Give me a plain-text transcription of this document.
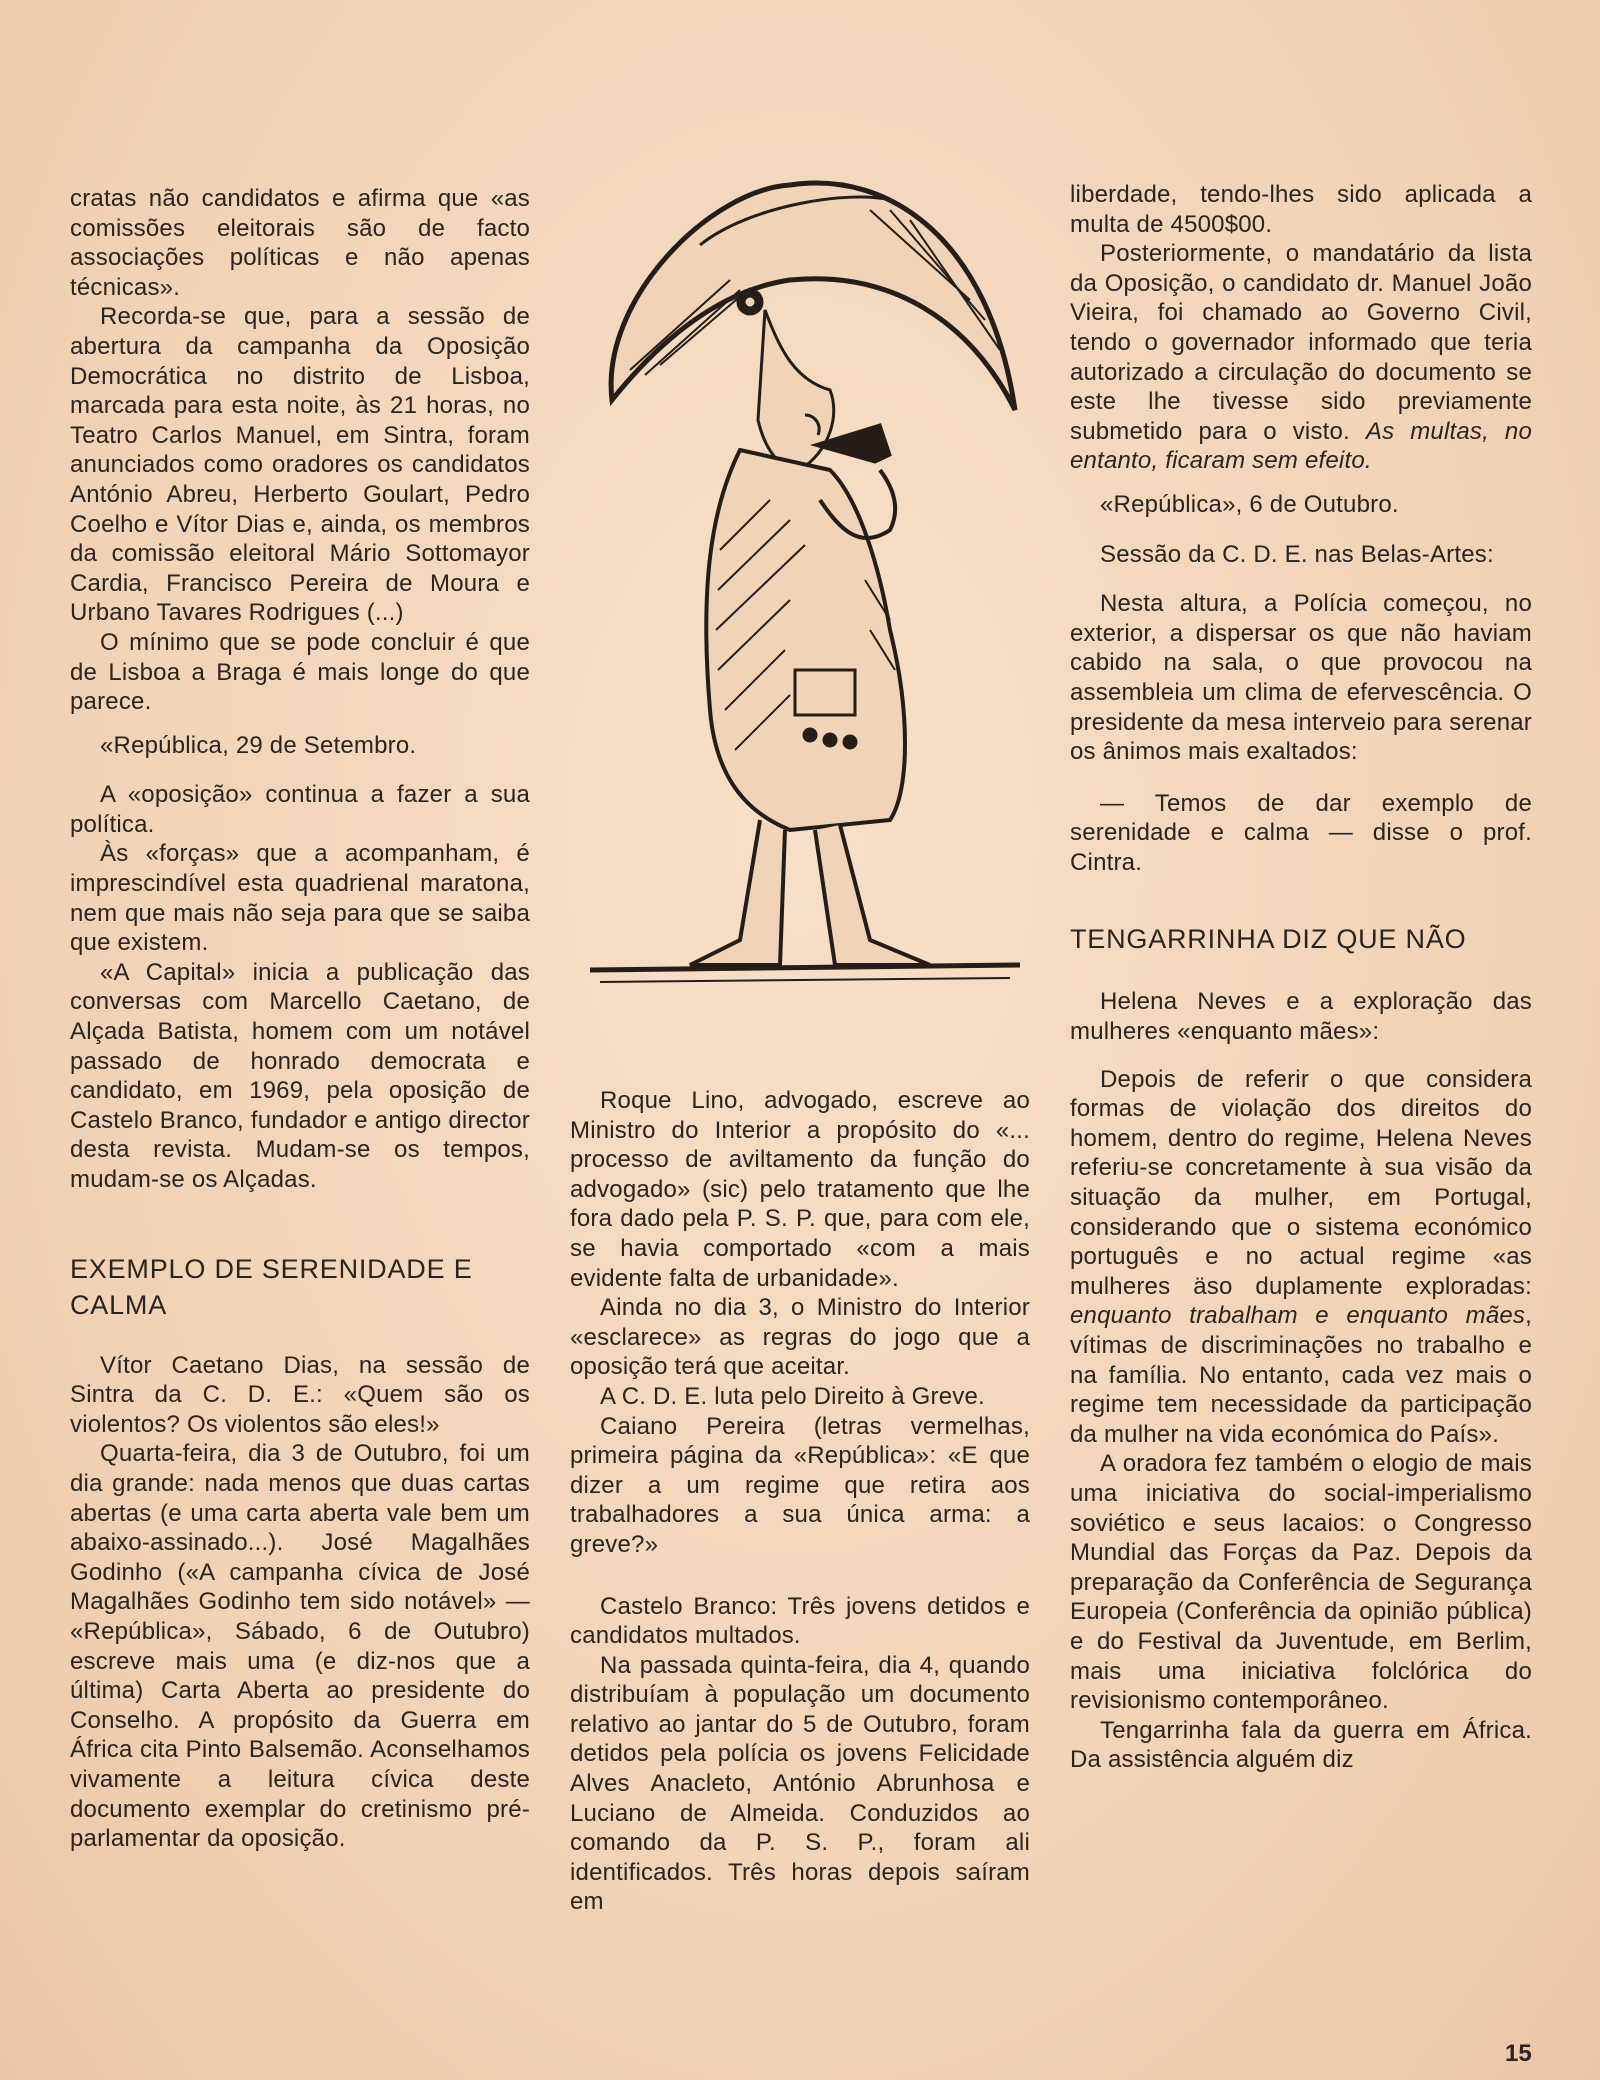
cratas não candidatos e afirma que «as comissões eleitorais são de facto associações políticas e não apenas técnicas».

Recorda-se que, para a sessão de abertura da campanha da Oposição Democrática no distrito de Lisboa, marcada para esta noite, às 21 horas, no Teatro Carlos Manuel, em Sintra, foram anunciados como oradores os candidatos António Abreu, Herberto Goulart, Pedro Coelho e Vítor Dias e, ainda, os membros da comissão eleitoral Mário Sottomayor Cardia, Francisco Pereira de Moura e Urbano Tavares Rodrigues (...)

O mínimo que se pode concluir é que de Lisboa a Braga é mais longe do que parece.

«República, 29 de Setembro.

A «oposição» continua a fazer a sua política.

Às «forças» que a acompanham, é imprescindível esta quadrienal maratona, nem que mais não seja para que se saiba que existem.

«A Capital» inicia a publicação das conversas com Marcello Caetano, de Alçada Batista, homem com um notável passado de honrado democrata e candidato, em 1969, pela oposição de Castelo Branco, fundador e antigo director desta revista. Mudam-se os tempos, mudam-se os Alçadas.

EXEMPLO DE SERENIDADE E CALMA

Vítor Caetano Dias, na sessão de Sintra da C. D. E.: «Quem são os violentos? Os violentos são eles!»

Quarta-feira, dia 3 de Outubro, foi um dia grande: nada menos que duas cartas abertas (e uma carta aberta vale bem um abaixo-assinado...). José Magalhães Godinho («A campanha cívica de José Magalhães Godinho tem sido notável» — «República», Sábado, 6 de Outubro) escreve mais uma (e diz-nos que a última) Carta Aberta ao presidente do Conselho. A propósito da Guerra em África cita Pinto Balsemão. Aconselhamos vivamente a leitura cívica deste documento exemplar do cretinismo pré-parlamentar da oposição.

Roque Lino, advogado, escreve ao Ministro do Interior a propósito do «... processo de aviltamento da função do advogado» (sic) pelo tratamento que lhe fora dado pela P. S. P. que, para com ele, se havia comportado «com a mais evidente falta de urbanidade».

Ainda no dia 3, o Ministro do Interior «esclarece» as regras do jogo que a oposição terá que aceitar.

A C. D. E. luta pelo Direito à Greve.

Caiano Pereira (letras vermelhas, primeira página da «República»: «E que dizer a um regime que retira aos trabalhadores a sua única arma: a greve?»

Castelo Branco: Três jovens detidos e candidatos multados.

Na passada quinta-feira, dia 4, quando distribuíam à população um documento relativo ao jantar do 5 de Outubro, foram detidos pela polícia os jovens Felicidade Alves Anacleto, António Abrunhosa e Luciano de Almeida. Conduzidos ao comando da P. S. P., foram ali identificados. Três horas depois saíram em

liberdade, tendo-lhes sido aplicada a multa de 4500$00.

Posteriormente, o mandatário da lista da Oposição, o candidato dr. Manuel João Vieira, foi chamado ao Governo Civil, tendo o governador informado que teria autorizado a circulação do documento se este lhe tivesse sido previamente submetido para o visto. As multas, no entanto, ficaram sem efeito.

«República», 6 de Outubro.

Sessão da C. D. E. nas Belas-Artes:

Nesta altura, a Polícia começou, no exterior, a dispersar os que não haviam cabido na sala, o que provocou na assembleia um clima de efervescência. O presidente da mesa interveio para serenar os ânimos mais exaltados:

— Temos de dar exemplo de serenidade e calma — disse o prof. Cintra.

TENGARRINHA DIZ QUE NÃO

Helena Neves e a exploração das mulheres «enquanto mães»:

Depois de referir o que considera formas de violação dos direitos do homem, dentro do regime, Helena Neves referiu-se concretamente à sua visão da situação da mulher, em Portugal, considerando que o sistema económico português e no actual regime «as mulheres äso duplamente exploradas: enquanto trabalham e enquanto mães, vítimas de discriminações no trabalho e na família. No entanto, cada vez mais o regime tem necessidade da participação da mulher na vida económica do País».

A oradora fez também o elogio de mais uma iniciativa do social-imperialismo soviético e seus lacaios: o Congresso Mundial das Forças da Paz. Depois da preparação da Conferência de Segurança Europeia (Conferência da opinião pública) e do Festival da Juventude, em Berlim, mais uma iniciativa folclórica do revisionismo contemporâneo.

Tengarrinha fala da guerra em África. Da assistência alguém diz

15
